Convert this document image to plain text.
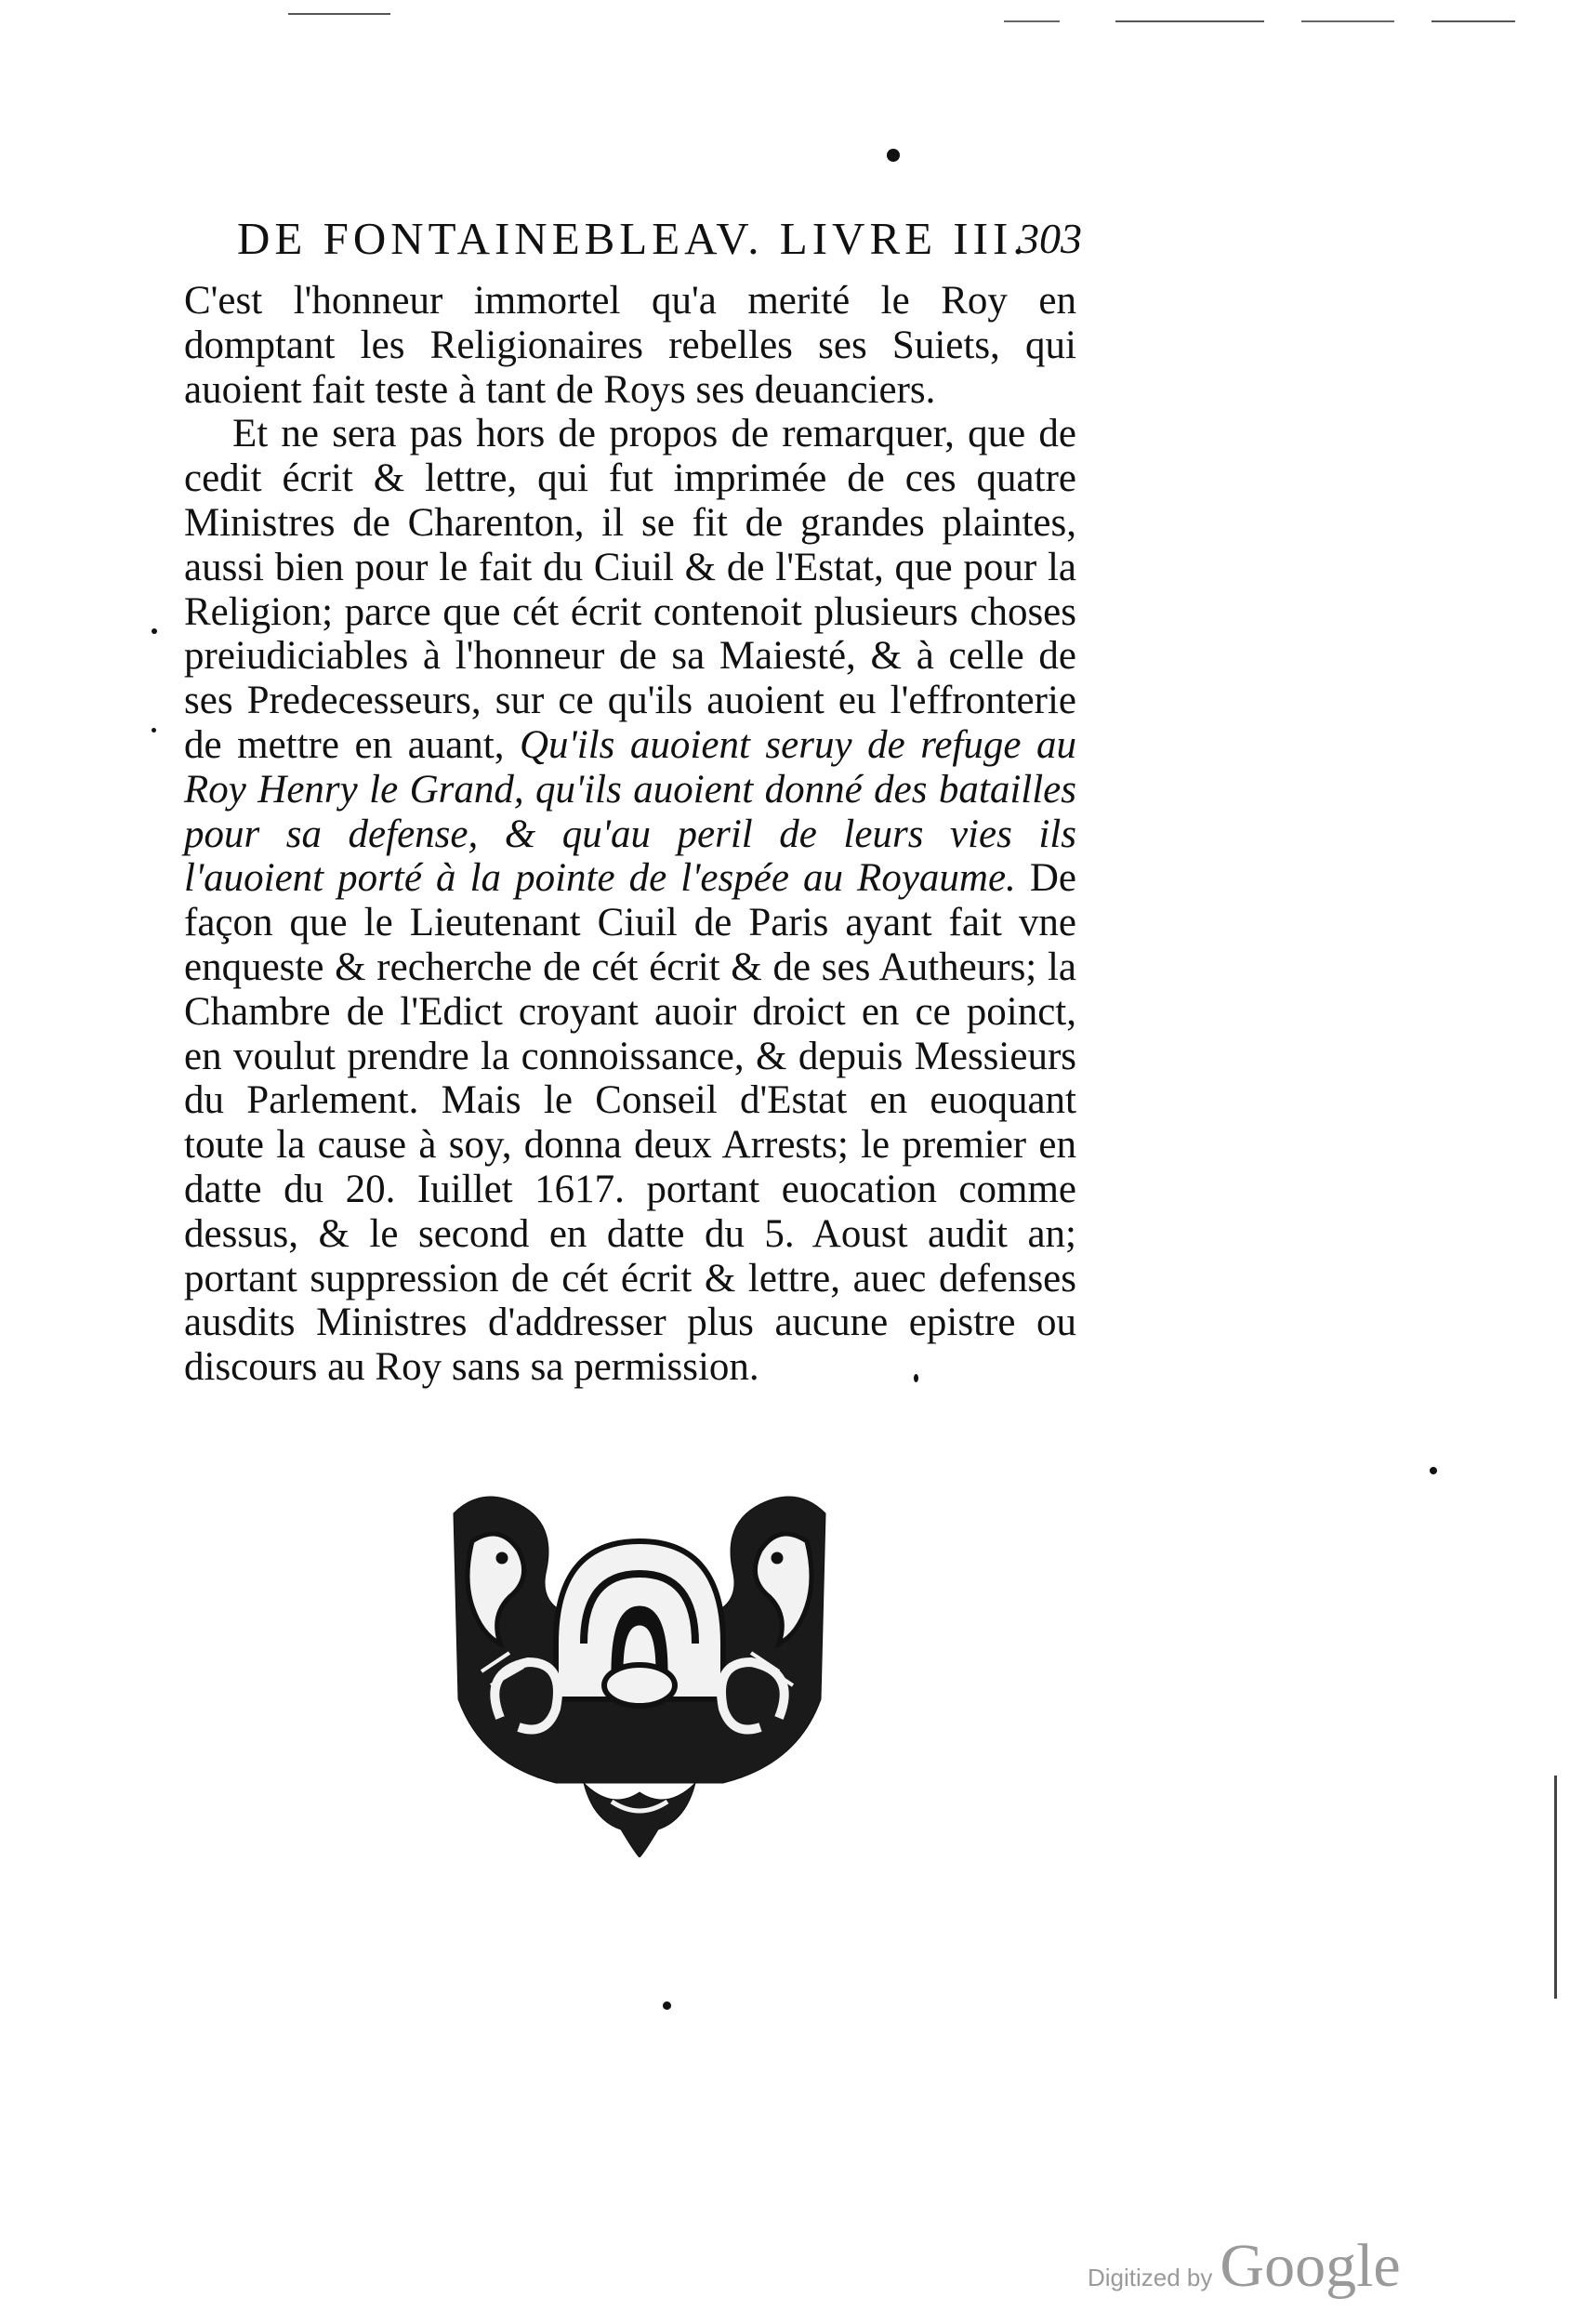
DE FONTAINEBLEAV. LIVRE III.
303

C'est l'honneur immortel qu'a merité le Roy en domptant les Religionaires rebelles ses Suiets, qui auoient fait teste à tant de Roys ses deuanciers.

Et ne sera pas hors de propos de remarquer, que de cedit écrit & lettre, qui fut imprimée de ces quatre Ministres de Charenton, il se fit de grandes plaintes, aussi bien pour le fait du Ciuil & de l'Estat, que pour la Religion; parce que cét écrit contenoit plusieurs choses preiudiciables à l'honneur de sa Maiesté, & à celle de ses Predecesseurs, sur ce qu'ils auoient eu l'effronterie de mettre en auant, Qu'ils auoient seruy de refuge au Roy Henry le Grand, qu'ils auoient donné des batailles pour sa defense, & qu'au peril de leurs vies ils l'auoient porté à la pointe de l'espée au Royaume. De façon que le Lieutenant Ciuil de Paris ayant fait vne enqueste & recherche de cét écrit & de ses Autheurs; la Chambre de l'Edict croyant auoir droict en ce poinct, en voulut prendre la connoissance, & depuis Messieurs du Parlement. Mais le Conseil d'Estat en euoquant toute la cause à soy, donna deux Arrests; le premier en datte du 20. Iuillet 1617. portant euocation comme dessus, & le second en datte du 5. Aoust audit an; portant suppression de cét écrit & lettre, auec defenses ausdits Ministres d'addresser plus aucune epistre ou discours au Roy sans sa permission.

Digitized by Google
